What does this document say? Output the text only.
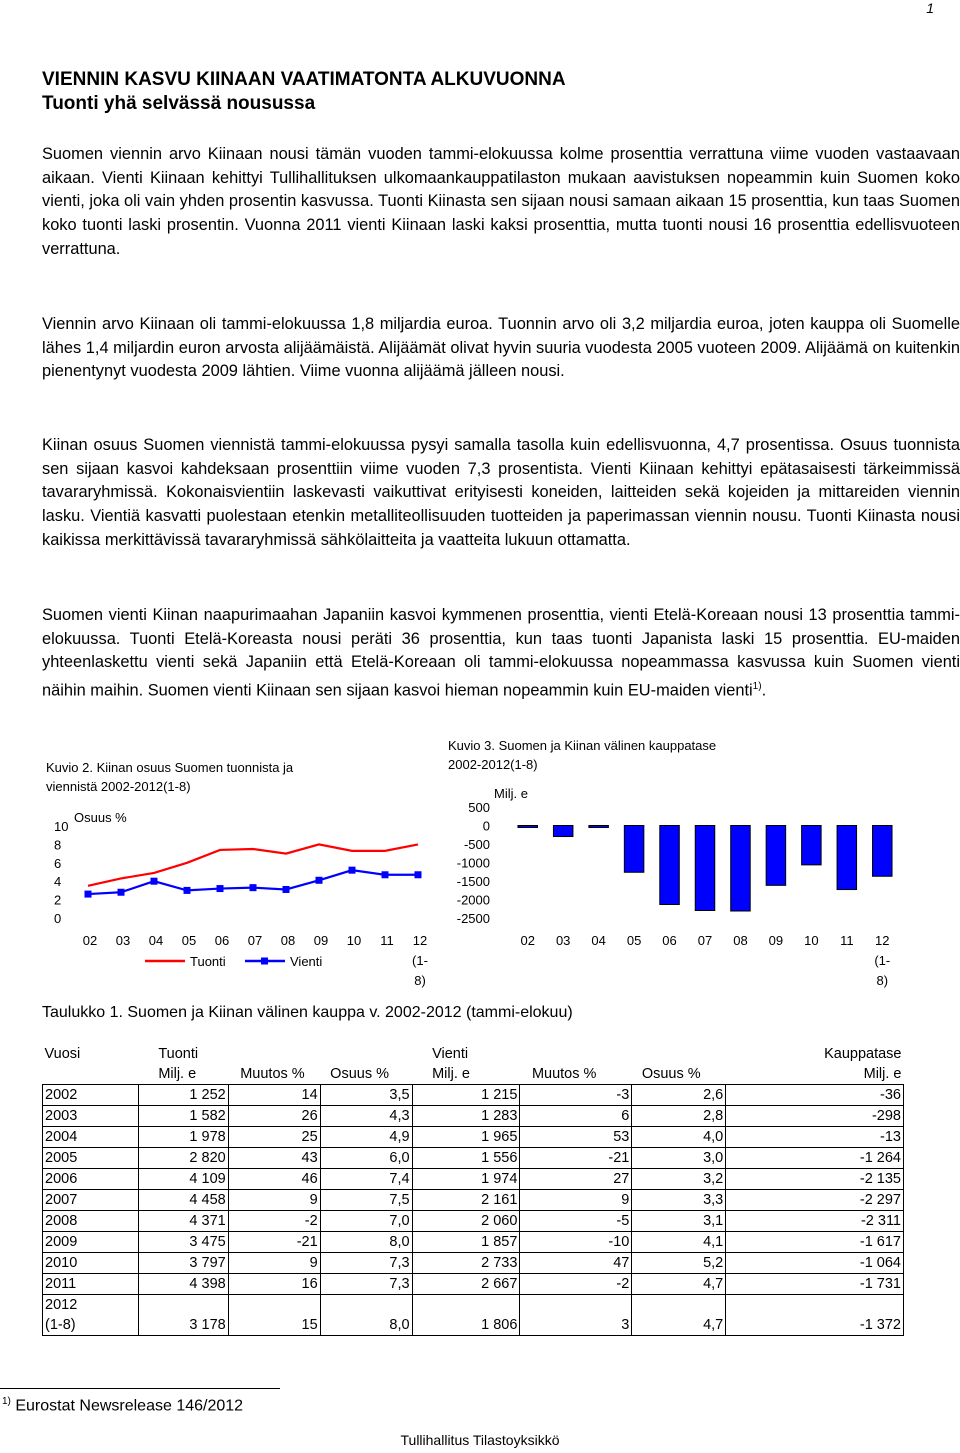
1
VIENNIN KASVU KIINAAN VAATIMATONTA ALKUVUONNA
Tuonti yhä selvässä nousussa

Suomen viennin arvo Kiinaan nousi tämän vuoden tammi-elokuussa kolme prosenttia verrattuna viime vuoden vastaavaan aikaan. Vienti Kiinaan kehittyi Tullihallituksen ulkomaankauppatilaston mukaan aavistuksen nopeammin kuin Suomen koko vienti, joka oli vain yhden prosentin kasvussa. Tuonti Kiinasta sen sijaan nousi samaan aikaan 15 prosenttia, kun taas Suomen koko tuonti laski prosentin. Vuonna 2011 vienti Kiinaan laski kaksi prosenttia, mutta tuonti nousi 16 prosenttia edellisvuoteen verrattuna.

Viennin arvo Kiinaan oli tammi-elokuussa 1,8 miljardia euroa. Tuonnin arvo oli 3,2 miljardia euroa, joten kauppa oli Suomelle lähes 1,4 miljardin euron arvosta alijäämäistä. Alijäämät olivat hyvin suuria vuodesta 2005 vuoteen 2009. Alijäämä on kuitenkin pienentynyt vuodesta 2009 lähtien. Viime vuonna alijäämä jälleen nousi.

Kiinan osuus Suomen viennistä tammi-elokuussa pysyi samalla tasolla kuin edellisvuonna, 4,7 prosentissa. Osuus tuonnista sen sijaan kasvoi kahdeksaan prosenttiin viime vuoden 7,3 prosentista. Vienti Kiinaan kehittyi epätasaisesti tärkeimmissä tavararyhmissä. Kokonaisvientiin laskevasti vaikuttivat erityisesti koneiden, laitteiden sekä kojeiden ja mittareiden viennin lasku. Vientiä kasvatti puolestaan etenkin metalliteollisuuden tuotteiden ja paperimassan viennin nousu. Tuonti Kiinasta nousi kaikissa merkittävissä tavararyhmissä sähkölaitteita ja vaatteita lukuun ottamatta.

Suomen vienti Kiinan naapurimaahan Japaniin kasvoi kymmenen prosenttia, vienti Etelä-Koreaan nousi 13 prosenttia tammi-elokuussa. Tuonti Etelä-Koreasta nousi peräti 36 prosenttia, kun taas tuonti Japanista laski 15 prosenttia. EU-maiden yhteenlaskettu vienti sekä Japaniin että Etelä-Koreaan oli tammi-elokuussa nopeammassa kasvussa kuin Suomen vienti näihin maihin. Suomen vienti Kiinaan sen sijaan kasvoi hieman nopeammin kuin EU-maiden vienti$^{1)}$.

Kuvio 2. Kiinan osuus Suomen tuonnista ja
viennistä 2002-2012(1-8)
Osuus %
10
8
6
4
2
0
02 03 04 05 06 07 08 09 10 11 12
(1-
8)
Tuonti	Vienti
Kuvio 3. Suomen ja Kiinan välinen kauppatase
2002-2012(1-8)
Milj. e
500
0
-500
-1000
-1500
-2000
-2500
02 03 04 05 06 07 08 09 10 11 12
(1-
8)
Taulukko 1. Suomen ja Kiinan välinen kauppa v. 2002-2012 (tammi-elokuu)
Vuosi	Tuonti			Vienti			Kauppatase
	Milj. e	Muutos %	Osuus %	Milj. e	Muutos %	Osuus %	Milj. e
2002	1 252	14	3,5	1 215	-3	2,6	-36
2003	1 582	26	4,3	1 283	6	2,8	-298
2004	1 978	25	4,9	1 965	53	4,0	-13
2005	2 820	43	6,0	1 556	-21	3,0	-1 264
2006	4 109	46	7,4	1 974	27	3,2	-2 135
2007	4 458	9	7,5	2 161	9	3,3	-2 297
2008	4 371	-2	7,0	2 060	-5	3,1	-2 311
2009	3 475	-21	8,0	1 857	-10	4,1	-1 617
2010	3 797	9	7,3	2 733	47	5,2	-1 064
2011	4 398	16	7,3	2 667	-2	4,7	-1 731

2012
(1-8)	3 178	15	8,0	1 806	3	4,7	-1 372
$^{1)}$ Eurostat Newsrelease 146/2012
Tullihallitus Tilastoyksikkö
